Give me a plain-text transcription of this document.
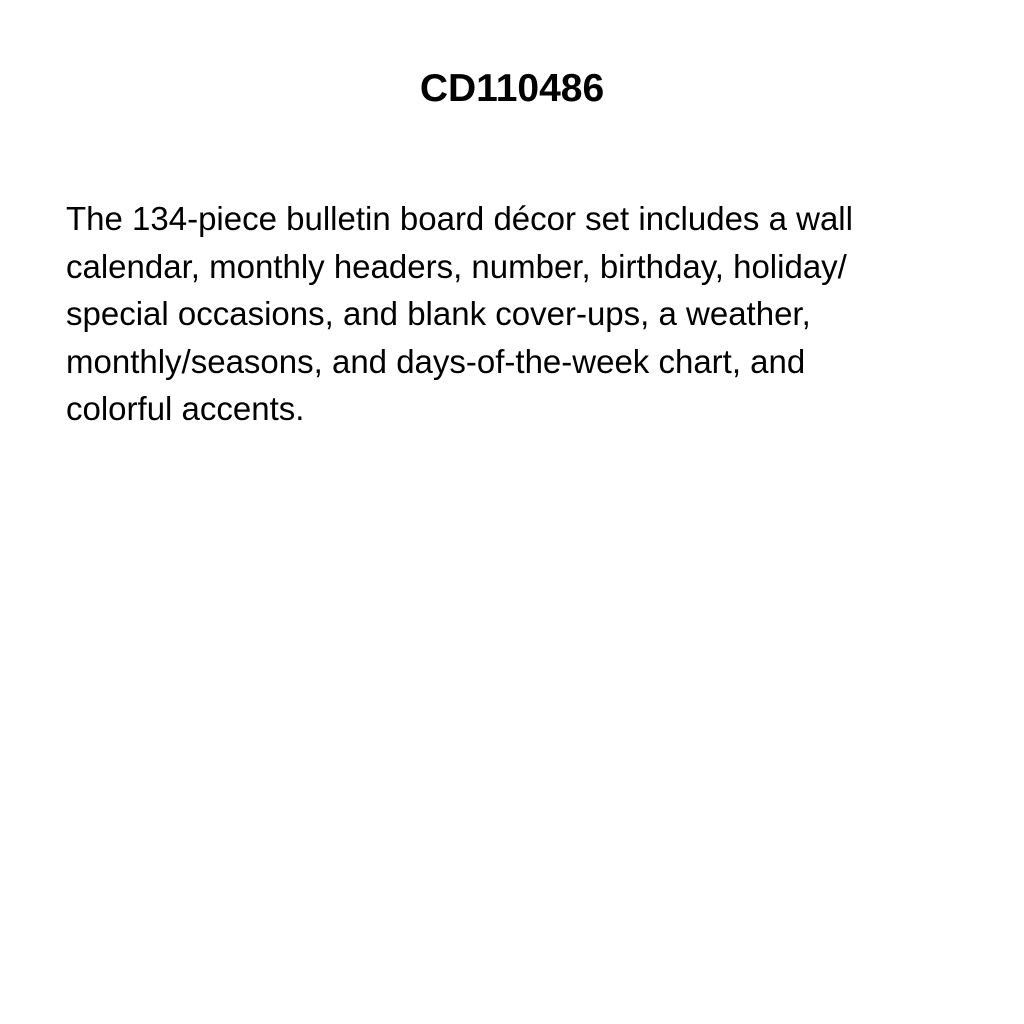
CD110486

The 134-piece bulletin board décor set includes a wall
calendar, monthly headers, number, birthday, holiday/
special occasions, and blank cover-ups, a weather,
monthly/seasons, and days-of-the-week chart, and
colorful accents.
